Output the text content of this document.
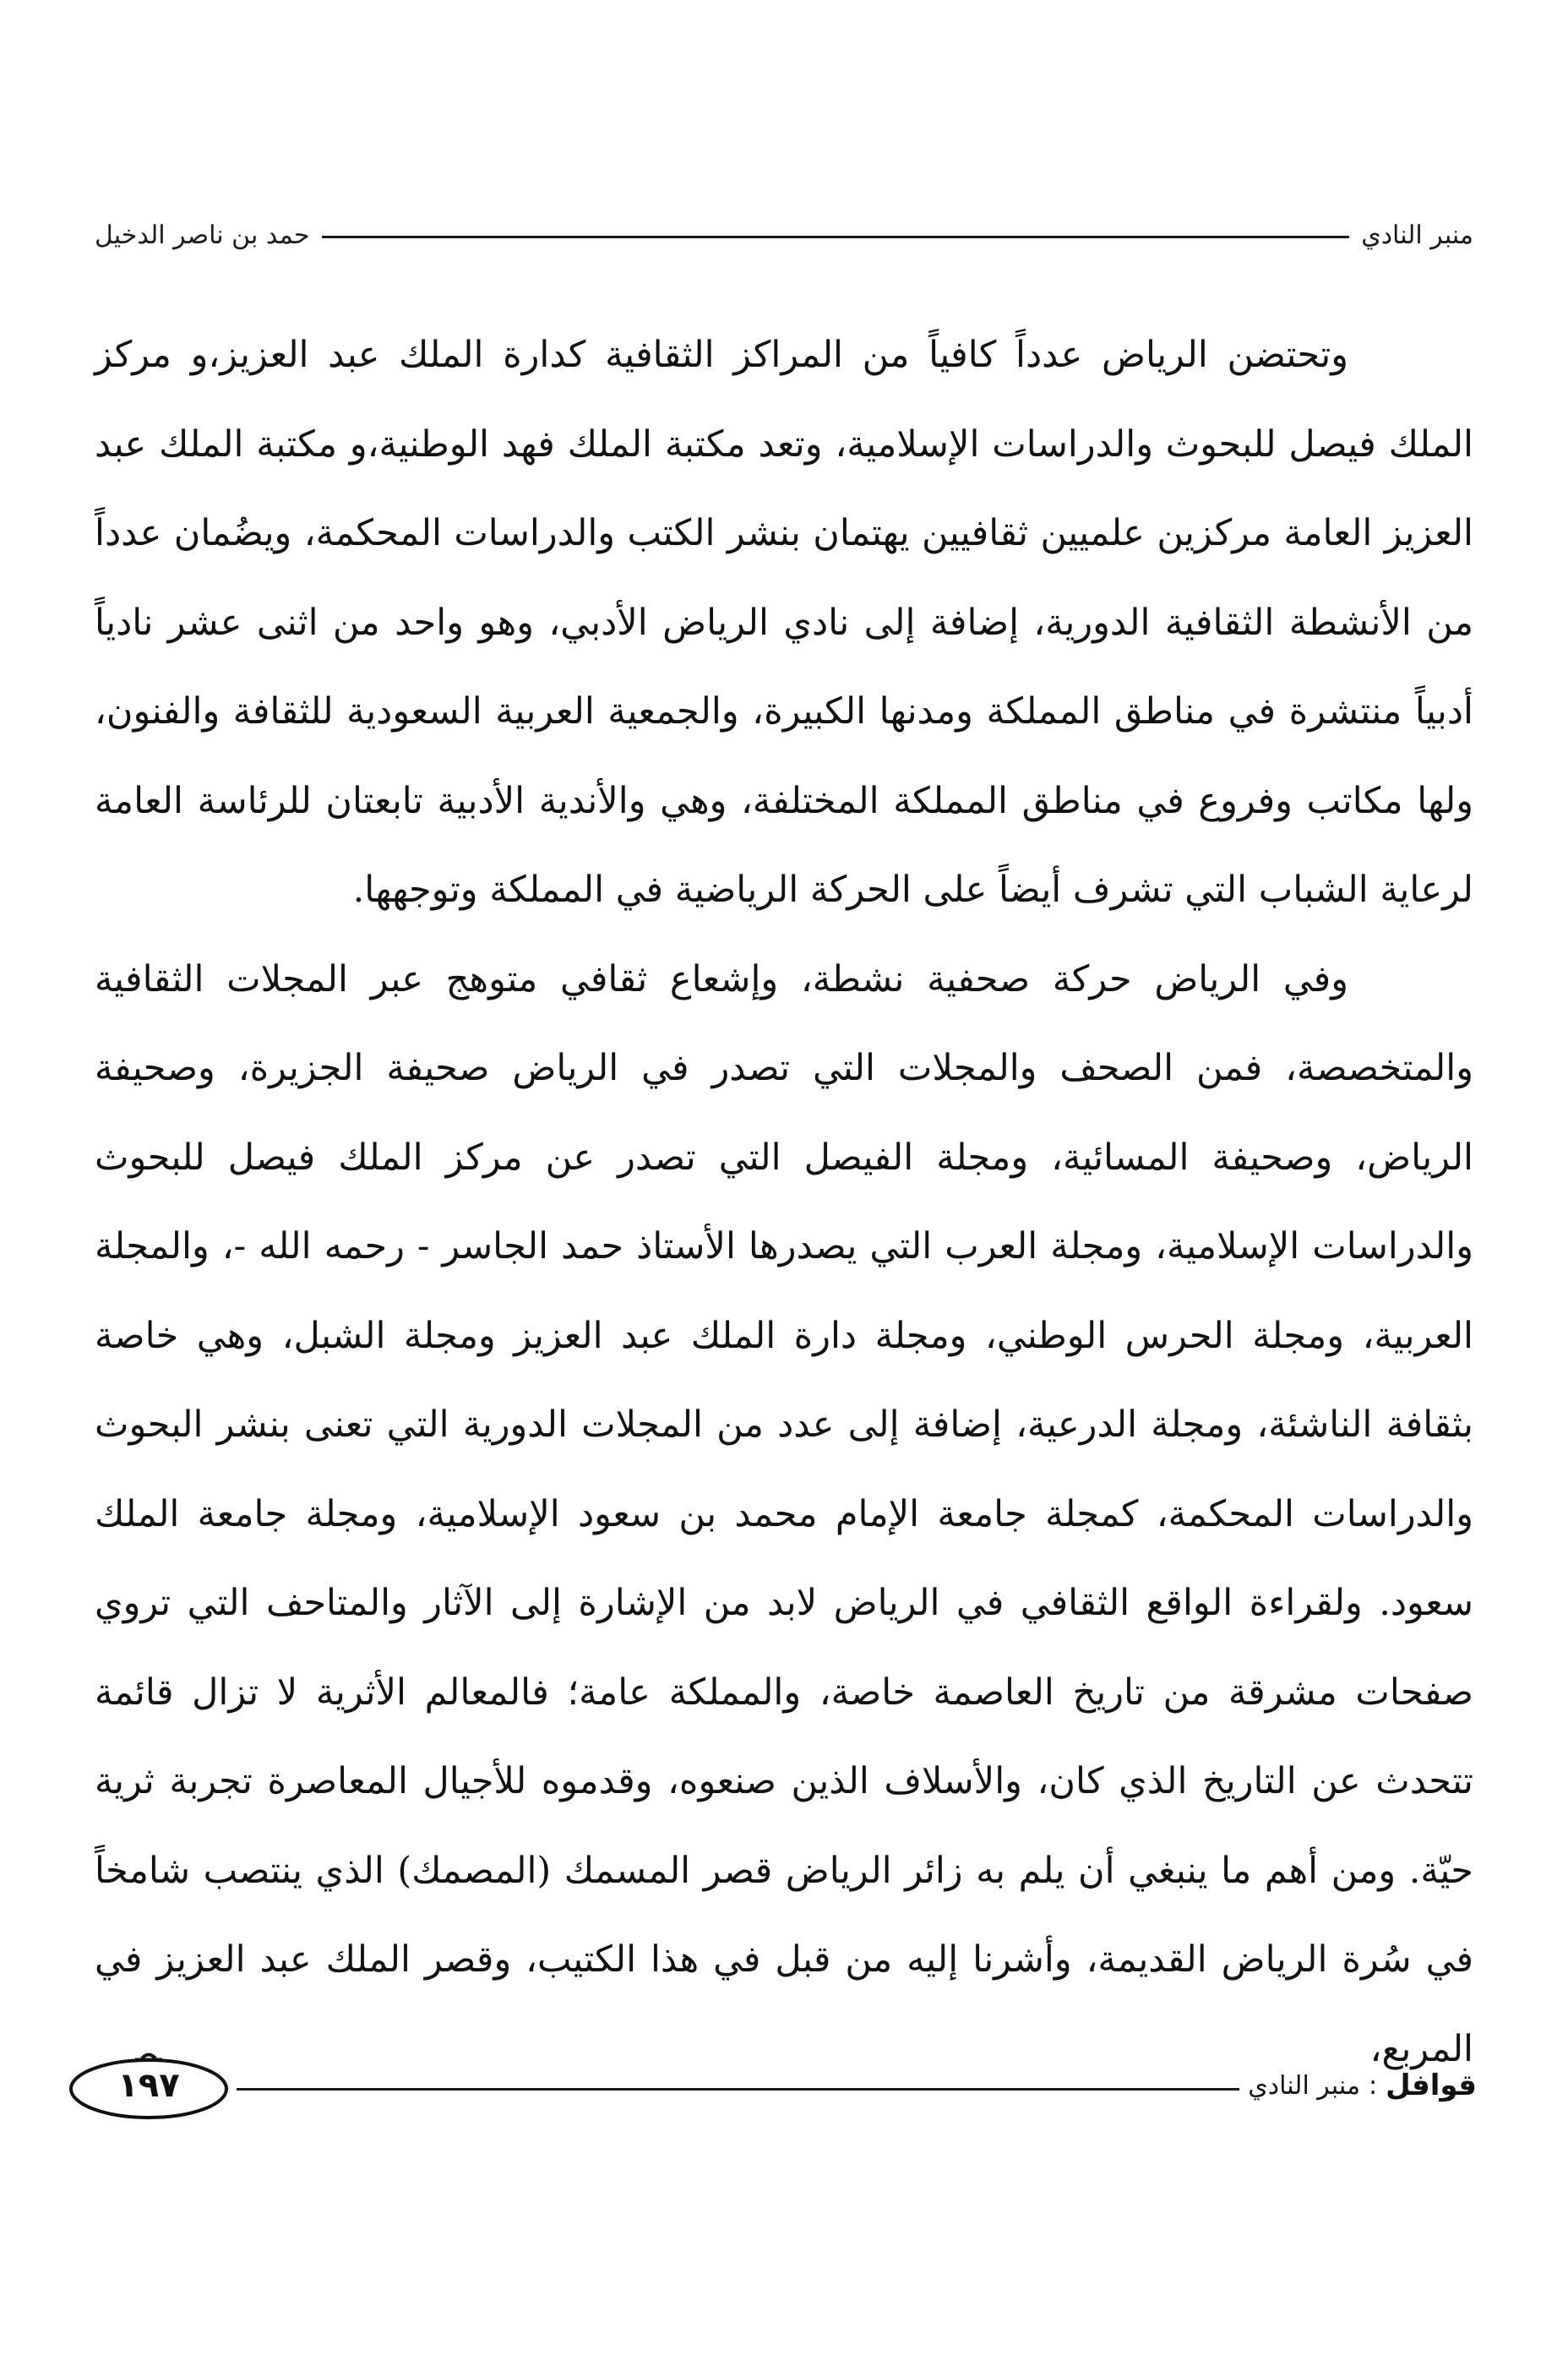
منبر النادي
حمد بن ناصر الدخيل

وتحتضن الرياض عدداً كافياً من المراكز الثقافية كدارة الملك عبد العزيز،و مركز الملك فيصل للبحوث والدراسات الإسلامية، وتعد مكتبة الملك فهد الوطنية،و مكتبة الملك عبد العزيز العامة مركزين علميين ثقافيين يهتمان بنشر الكتب والدراسات المحكمة، ويضُمان عدداً من الأنشطة الثقافية الدورية، إضافة إلى نادي الرياض الأدبي، وهو واحد من اثنى عشر نادياً أدبياً منتشرة في مناطق المملكة ومدنها الكبيرة، والجمعية العربية السعودية للثقافة والفنون، ولها مكاتب وفروع في مناطق المملكة المختلفة، وهي والأندية الأدبية تابعتان للرئاسة العامة لرعاية الشباب التي تشرف أيضاً على الحركة الرياضية في المملكة وتوجهها.

وفي الرياض حركة صحفية نشطة، وإشعاع ثقافي متوهج عبر المجلات الثقافية والمتخصصة، فمن الصحف والمجلات التي تصدر في الرياض صحيفة الجزيرة، وصحيفة الرياض، وصحيفة المسائية، ومجلة الفيصل التي تصدر عن مركز الملك فيصل للبحوث والدراسات الإسلامية، ومجلة العرب التي يصدرها الأستاذ حمد الجاسر - رحمه الله -، والمجلة العربية، ومجلة الحرس الوطني، ومجلة دارة الملك عبد العزيز ومجلة الشبل، وهي خاصة بثقافة الناشئة، ومجلة الدرعية، إضافة إلى عدد من المجلات الدورية التي تعنى بنشر البحوث والدراسات المحكمة، كمجلة جامعة الإمام محمد بن سعود الإسلامية، ومجلة جامعة الملك سعود. ولقراءة الواقع الثقافي في الرياض لابد من الإشارة إلى الآثار والمتاحف التي تروي صفحات مشرقة من تاريخ العاصمة خاصة، والمملكة عامة؛ فالمعالم الأثرية لا تزال قائمة تتحدث عن التاريخ الذي كان، والأسلاف الذين صنعوه، وقدموه للأجيال المعاصرة تجربة ثرية حيّة. ومن أهم ما ينبغي أن يلم به زائر الرياض قصر المسمك (المصمك) الذي ينتصب شامخاً في سُرة الرياض القديمة، وأشرنا إليه من قبل في هذا الكتيب، وقصر الملك عبد العزيز في المربع،

قوافل
:
منبر النادي
١٩٧
